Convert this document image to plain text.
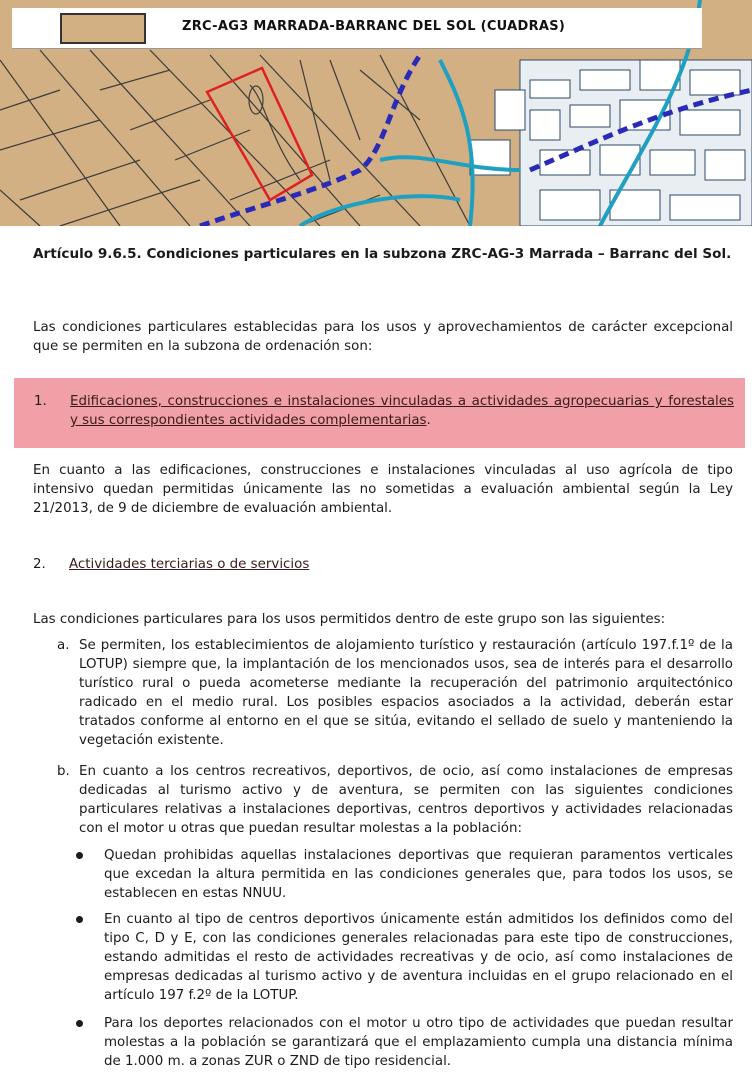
ZRC-AG3 MARRADA-BARRANC DEL SOL (CUADRAS)
Artículo 9.6.5. Condiciones particulares en la subzona ZRC-AG-3 Marrada – Barranc del Sol.
Las condiciones particulares establecidas para los usos y aprovechamientos de carácter excepcional que se permiten en la subzona de ordenación son:
1. Edificaciones, construcciones e instalaciones vinculadas a actividades agropecuarias y forestales y sus correspondientes actividades complementarias.
En cuanto a las edificaciones, construcciones e instalaciones vinculadas al uso agrícola de tipo intensivo quedan permitidas únicamente las no sometidas a evaluación ambiental según la Ley 21/2013, de 9 de diciembre de evaluación ambiental.
2. Actividades terciarias o de servicios
Las condiciones particulares para los usos permitidos dentro de este grupo son las siguientes:
a. Se permiten, los establecimientos de alojamiento turístico y restauración (artículo 197.f.1º de la LOTUP) siempre que, la implantación de los mencionados usos, sea de interés para el desarrollo turístico rural o pueda acometerse mediante la recuperación del patrimonio arquitectónico radicado en el medio rural. Los posibles espacios asociados a la actividad, deberán estar tratados conforme al entorno en el que se sitúa, evitando el sellado de suelo y manteniendo la vegetación existente.
b. En cuanto a los centros recreativos, deportivos, de ocio, así como instalaciones de empresas dedicadas al turismo activo y de aventura, se permiten con las siguientes condiciones particulares relativas a instalaciones deportivas, centros deportivos y actividades relacionadas con el motor u otras que puedan resultar molestas a la población:
Quedan prohibidas aquellas instalaciones deportivas que requieran paramentos verticales que excedan la altura permitida en las condiciones generales que, para todos los usos, se establecen en estas NNUU.
En cuanto al tipo de centros deportivos únicamente están admitidos los definidos como del tipo C, D y E, con las condiciones generales relacionadas para este tipo de construcciones, estando admitidas el resto de actividades recreativas y de ocio, así como instalaciones de empresas dedicadas al turismo activo y de aventura incluidas en el grupo relacionado en el artículo 197 f.2º de la LOTUP.
Para los deportes relacionados con el motor u otro tipo de actividades que puedan resultar molestas a la población se garantizará que el emplazamiento cumpla una distancia mínima de 1.000 m. a zonas ZUR o ZND de tipo residencial.
